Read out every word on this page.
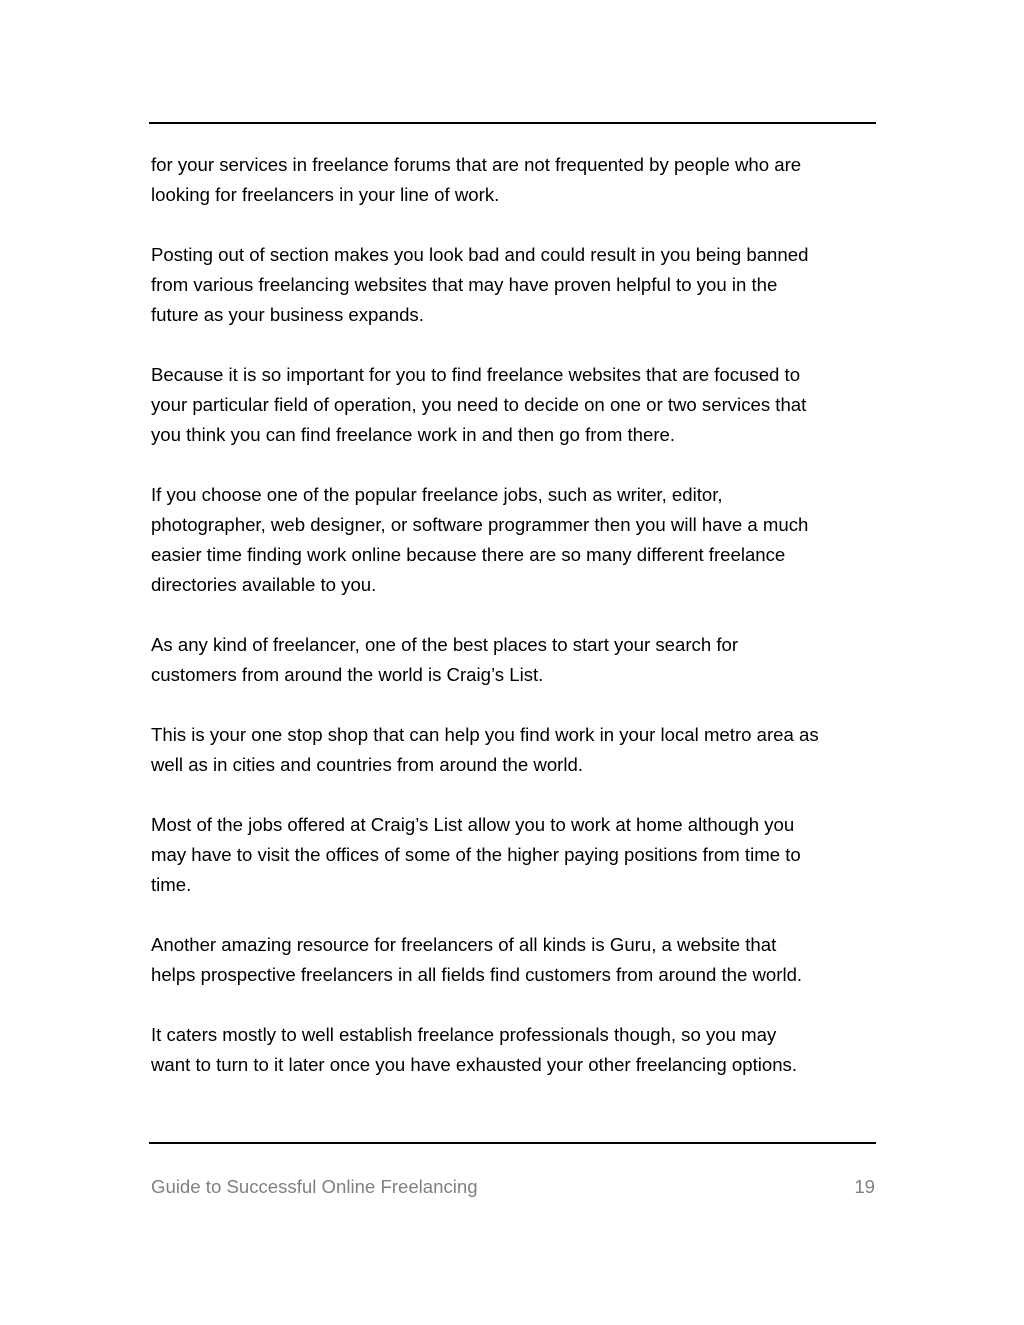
for your services in freelance forums that are not frequented by people who are
looking for freelancers in your line of work.

Posting out of section makes you look bad and could result in you being banned
from various freelancing websites that may have proven helpful to you in the
future as your business expands.

Because it is so important for you to find freelance websites that are focused to
your particular field of operation, you need to decide on one or two services that
you think you can find freelance work in and then go from there.

If you choose one of the popular freelance jobs, such as writer, editor,
photographer, web designer, or software programmer then you will have a much
easier time finding work online because there are so many different freelance
directories available to you.

As any kind of freelancer, one of the best places to start your search for
customers from around the world is Craig’s List.

This is your one stop shop that can help you find work in your local metro area as
well as in cities and countries from around the world.

Most of the jobs offered at Craig’s List allow you to work at home although you
may have to visit the offices of some of the higher paying positions from time to
time.

Another amazing resource for freelancers of all kinds is Guru, a website that
helps prospective freelancers in all fields find customers from around the world.

It caters mostly to well establish freelance professionals though, so you may
want to turn to it later once you have exhausted your other freelancing options.

Guide to Successful Online Freelancing	19
